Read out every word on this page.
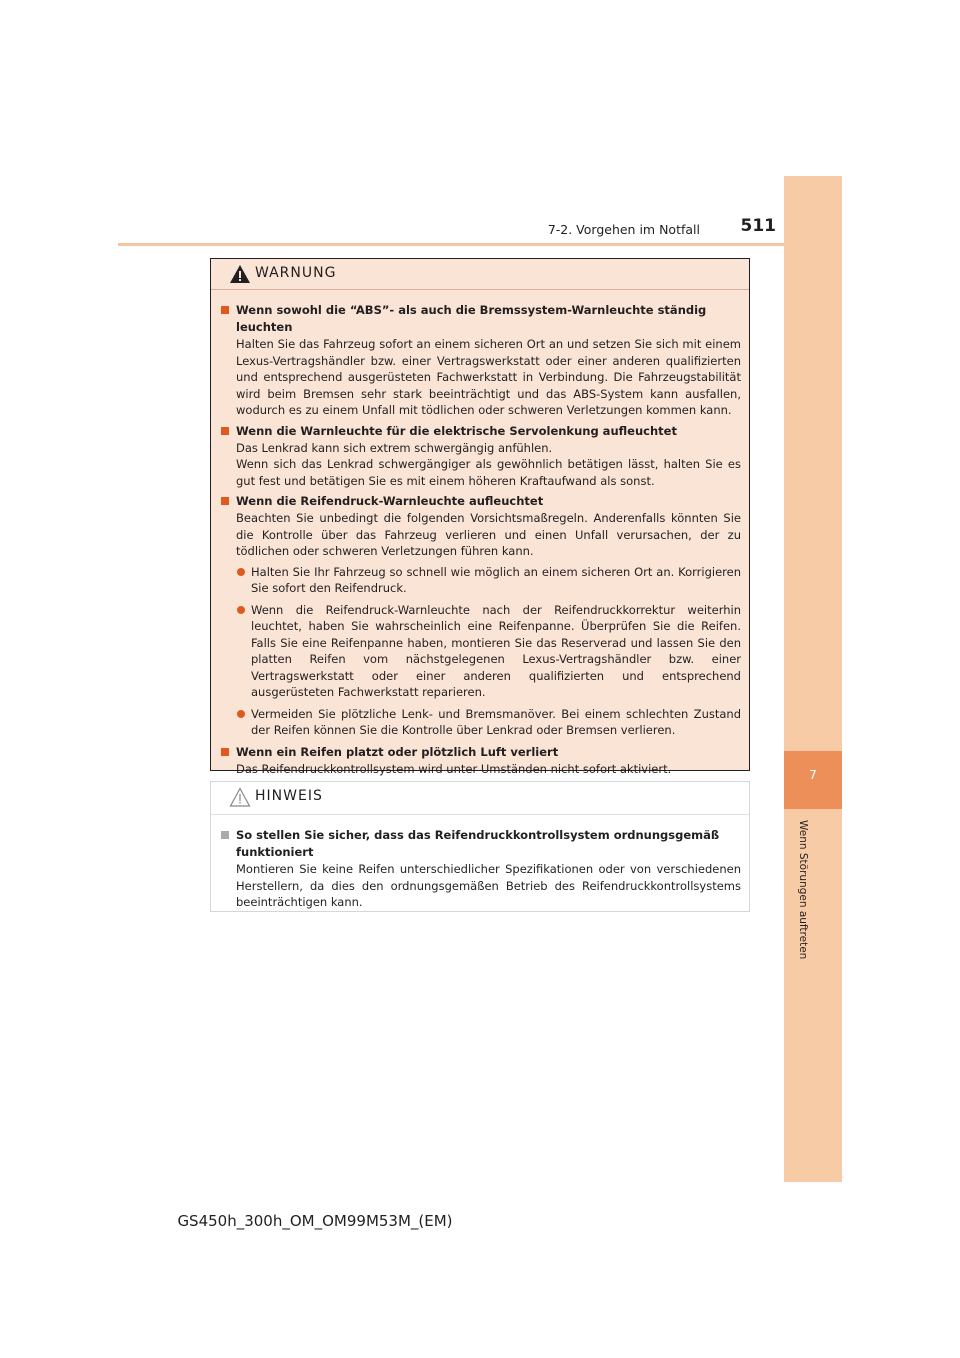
7-2. Vorgehen im Notfall	511
7
Wenn Störungen auftreten
WARNUNG
Wenn sowohl die “ABS”- als auch die Bremssystem-Warnleuchte ständig leuchten
Halten Sie das Fahrzeug sofort an einem sicheren Ort an und setzen Sie sich mit einem Lexus-Vertragshändler bzw. einer Vertragswerkstatt oder einer anderen qualifizierten und entsprechend ausgerüsteten Fachwerkstatt in Verbindung. Die Fahrzeugstabilität wird beim Bremsen sehr stark beeinträchtigt und das ABS-System kann ausfallen, wodurch es zu einem Unfall mit tödlichen oder schweren Verletzungen kommen kann.
Wenn die Warnleuchte für die elektrische Servolenkung aufleuchtet
Das Lenkrad kann sich extrem schwergängig anfühlen.
Wenn sich das Lenkrad schwergängiger als gewöhnlich betätigen lässt, halten Sie es gut fest und betätigen Sie es mit einem höheren Kraftaufwand als sonst.
Wenn die Reifendruck-Warnleuchte aufleuchtet
Beachten Sie unbedingt die folgenden Vorsichtsmaßregeln. Anderenfalls könnten Sie die Kontrolle über das Fahrzeug verlieren und einen Unfall verursachen, der zu tödlichen oder schweren Verletzungen führen kann.
Halten Sie Ihr Fahrzeug so schnell wie möglich an einem sicheren Ort an. Korrigieren Sie sofort den Reifendruck.
Wenn die Reifendruck-Warnleuchte nach der Reifendruckkorrektur weiterhin leuchtet, haben Sie wahrscheinlich eine Reifenpanne. Überprüfen Sie die Reifen. Falls Sie eine Reifenpanne haben, montieren Sie das Reserverad und lassen Sie den platten Reifen vom nächstgelegenen Lexus-Vertragshändler bzw. einer Vertragswerkstatt oder einer anderen qualifizierten und entsprechend ausgerüsteten Fachwerkstatt reparieren.
Vermeiden Sie plötzliche Lenk- und Bremsmanöver. Bei einem schlechten Zustand der Reifen können Sie die Kontrolle über Lenkrad oder Bremsen verlieren.
Wenn ein Reifen platzt oder plötzlich Luft verliert
Das Reifendruckkontrollsystem wird unter Umständen nicht sofort aktiviert.
HINWEIS
So stellen Sie sicher, dass das Reifendruckkontrollsystem ordnungsgemäß funktioniert
Montieren Sie keine Reifen unterschiedlicher Spezifikationen oder von verschiedenen Herstellern, da dies den ordnungsgemäßen Betrieb des Reifendruckkontrollsystems beeinträchtigen kann.
GS450h_300h_OM_OM99M53M_(EM)
